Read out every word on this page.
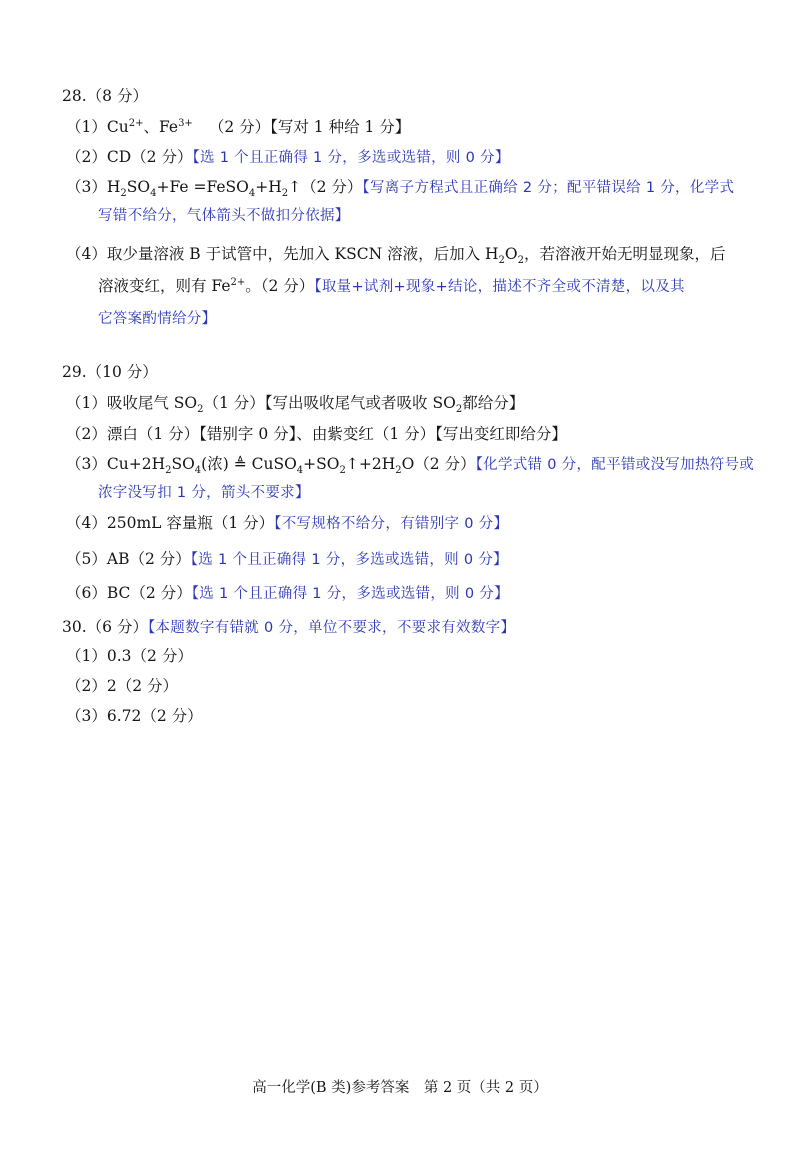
28.（8 分）
$(1)Cu^{2+}$、$Fe^{3+}$ （2 分）【写对 1 种给 1 分】
（2）CD（2 分）【选 1 个且正确得 1 分，多选或选错，则 0 分】
$(3)H_2SO_4+Fe$ $=FeSO_4+H_2↑(2$ 分）【写离子方程式且正确给 2 分；配平错误给 1 分，化学式
写错不给分，气体箭头不做扣分依据】
（4）取少量溶液 B 于试管中，先加入 KSCN 溶液，后加入 $H_2O_2$，若溶液开始无明显现象，后
溶液变红，则有 $Fe^{2+}$。（2 分）【取量+试剂+现象+结论，描述不齐全或不清楚，以及其
它答案酌情给分】
29.（10 分）
（1）吸收尾气 $SO_2(1$ 分）【写出吸收尾气或者吸收 $SO_2$都给分】
（2）漂白（1 分）【错别字 0 分】、由紫变红（1 分）【写出变红即给分】
$(3)Cu+2H_2SO_4$(浓) ≜ $CuSO_4+SO_2↑+2H_2O(2$ 分）【化学式错 0 分，配平错或没写加热符号或
浓字没写扣 1 分，箭头不要求】
（4）250mL 容量瓶（1 分）【不写规格不给分，有错别字 0 分】
（5）AB（2 分）【选 1 个且正确得 1 分，多选或选错，则 0 分】
（6）BC（2 分）【选 1 个且正确得 1 分，多选或选错，则 0 分】
30.（6 分）【本题数字有错就 0 分，单位不要求，不要求有效数字】
（1）0.3（2 分）
（2）2（2 分）
（3）6.72（2 分）
高一化学(B 类)参考答案　第 2 页（共 2 页）
